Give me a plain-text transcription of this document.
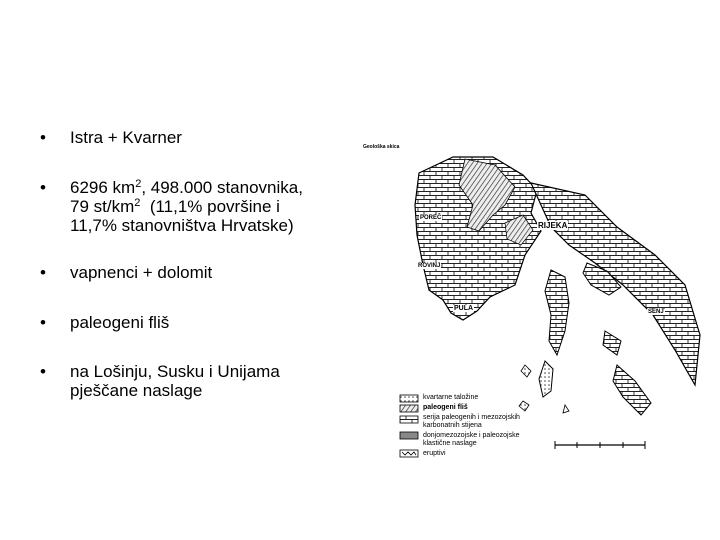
• Istra + Kvarner
• 6296 $km^2$, 498.000 stanovnika,
79 $st/km^2$  (11,1% površine i
11,7% stanovništva Hrvatske)
• vapnenci + dolomit
• paleogeni fliš
• na Lošinju, Susku i Unijama
pješčane naslage
Geološka skica
POREČ
ROVINJ
RIJEKA
PULA	SENJ
kvartarne taložine
paleogeni fliš
serija paleogenih i mezozojskih karbonatnih stijena
donjomezozojske i paleozojske klastične naslage
eruptivi
